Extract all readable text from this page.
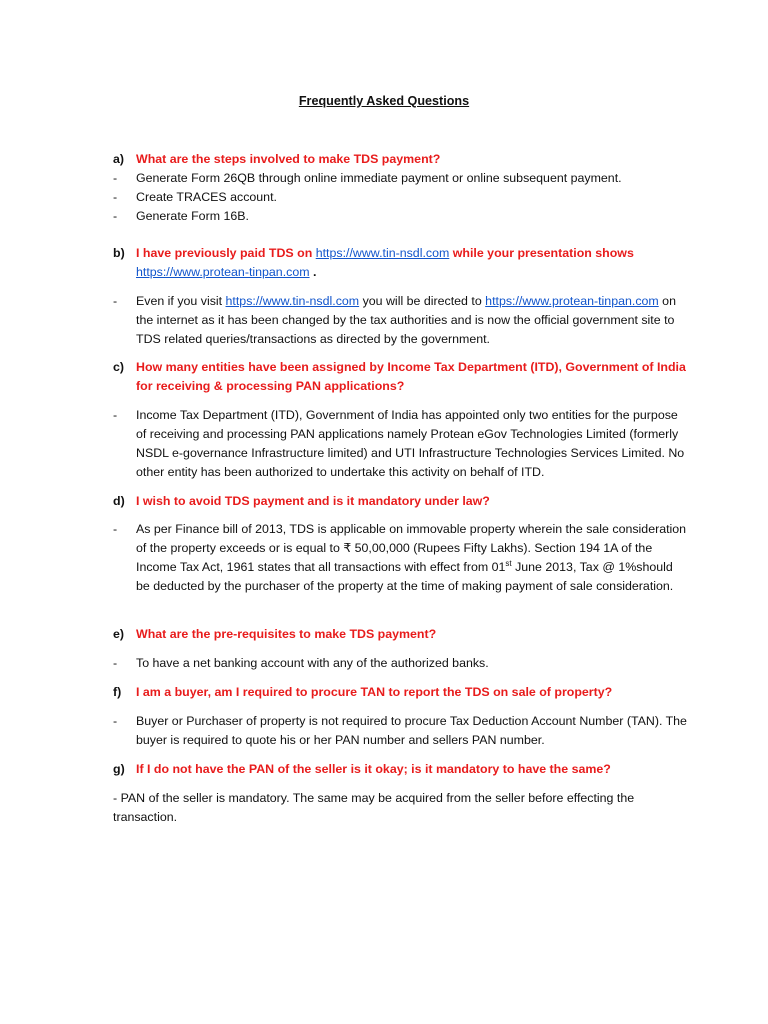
Frequently Asked Questions
a) What are the steps involved to make TDS payment?
- Generate Form 26QB through online immediate payment or online subsequent payment.
- Create TRACES account.
- Generate Form 16B.
b) I have previously paid TDS on https://www.tin-nsdl.com while your presentation shows
https://www.protean-tinpan.com .
- Even if you visit https://www.tin-nsdl.com you will be directed to https://www.protean-tinpan.com on the internet as it has been changed by the tax authorities and is now the official government site to TDS related queries/transactions as directed by the government.
c) How many entities have been assigned by Income Tax Department (ITD), Government of India for receiving & processing PAN applications?
- Income Tax Department (ITD), Government of India has appointed only two entities for the purpose of receiving and processing PAN applications namely Protean eGov Technologies Limited (formerly NSDL e-governance Infrastructure limited) and UTI Infrastructure Technologies Services Limited. No other entity has been authorized to undertake this activity on behalf of ITD.
d) I wish to avoid TDS payment and is it mandatory under law?
- As per Finance bill of 2013, TDS is applicable on immovable property wherein the sale consideration of the property exceeds or is equal to ₹ 50,00,000 (Rupees Fifty Lakhs). Section 194 1A of the Income Tax Act, 1961 states that all transactions with effect from 01st June 2013, Tax @ 1%should be deducted by the purchaser of the property at the time of making payment of sale consideration.
e) What are the pre-requisites to make TDS payment?
- To have a net banking account with any of the authorized banks.
f) I am a buyer, am I required to procure TAN to report the TDS on sale of property?
- Buyer or Purchaser of property is not required to procure Tax Deduction Account Number (TAN). The buyer is required to quote his or her PAN number and sellers PAN number.
g) If I do not have the PAN of the seller is it okay; is it mandatory to have the same?
- PAN of the seller is mandatory. The same may be acquired from the seller before effecting the transaction.
